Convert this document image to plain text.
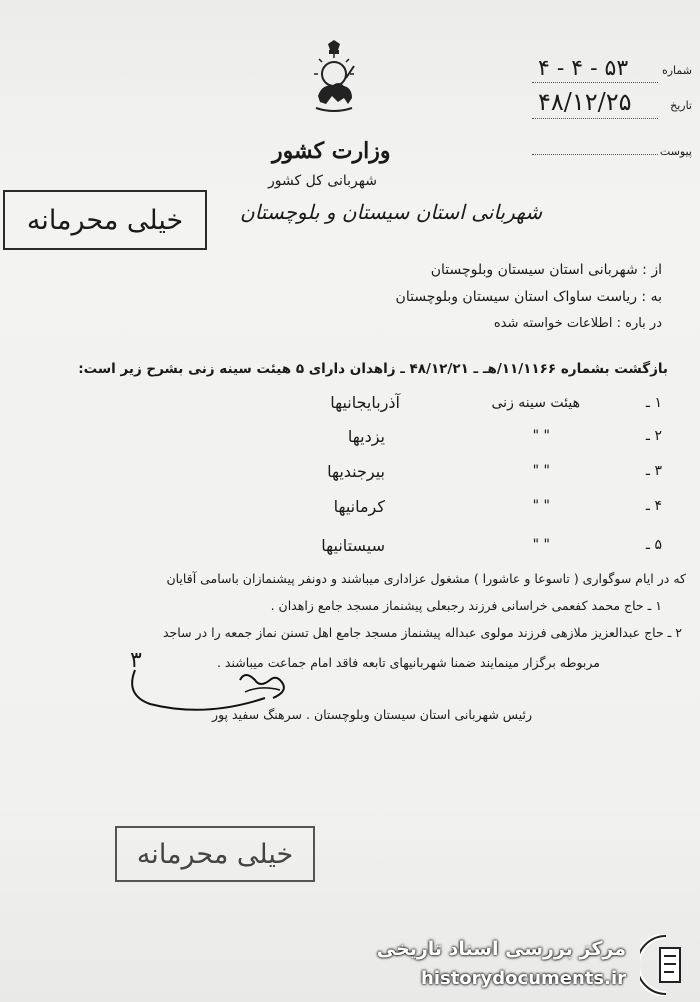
شماره
۵۳ - ۴ - ۴
تاریخ
۴۸/۱۲/۲۵
پیوست
وزارت کشور
شهربانی کل کشور
شهربانی استان سیستان و بلوچستان
خیلی محرمانه
از : شهربانی استان سیستان وبلوچستان
به : ریاست ساواک استان سیستان وبلوچستان
در باره : اطلاعات خواسته شده
بازگشت بشماره ۱۱/۱۱۶۶/هـ ـ ۴۸/۱۲/۲۱ ـ زاهدان دارای ۵ هیئت سینه زنی بشرح زیر است:
۱ ـ
هیئت سینه زنی
آذربایجانیها
۲ ـ
" "
یزدیها
۳ ـ
" "
بیرجندیها
۴ ـ
" "
کرمانیها
۵ ـ
" "
سیستانیها
که در ایام سوگواری ( تاسوعا و عاشورا ) مشغول عزاداری میباشند و دونفر پیشنمازان باسامی آقایان
۱ ـ حاج محمد کفعمی خراسانی فرزند رجبعلی پیشنماز مسجد جامع زاهدان .
۲ ـ حاج عبدالعزیز ملازهی فرزند مولوی عبداله پیشنماز مسجد جامع اهل تسنن نماز جمعه را در ساجد
مربوطه برگزار مینمایند ضمنا شهربانیهای تابعه فاقد امام جماعت میباشند .
۳
رئیس شهربانی استان سیستان وبلوچستان . سرهنگ سفید پور
خیلی محرمانه
مرکز بررسی اسناد تاریخی
historydocuments.ir
